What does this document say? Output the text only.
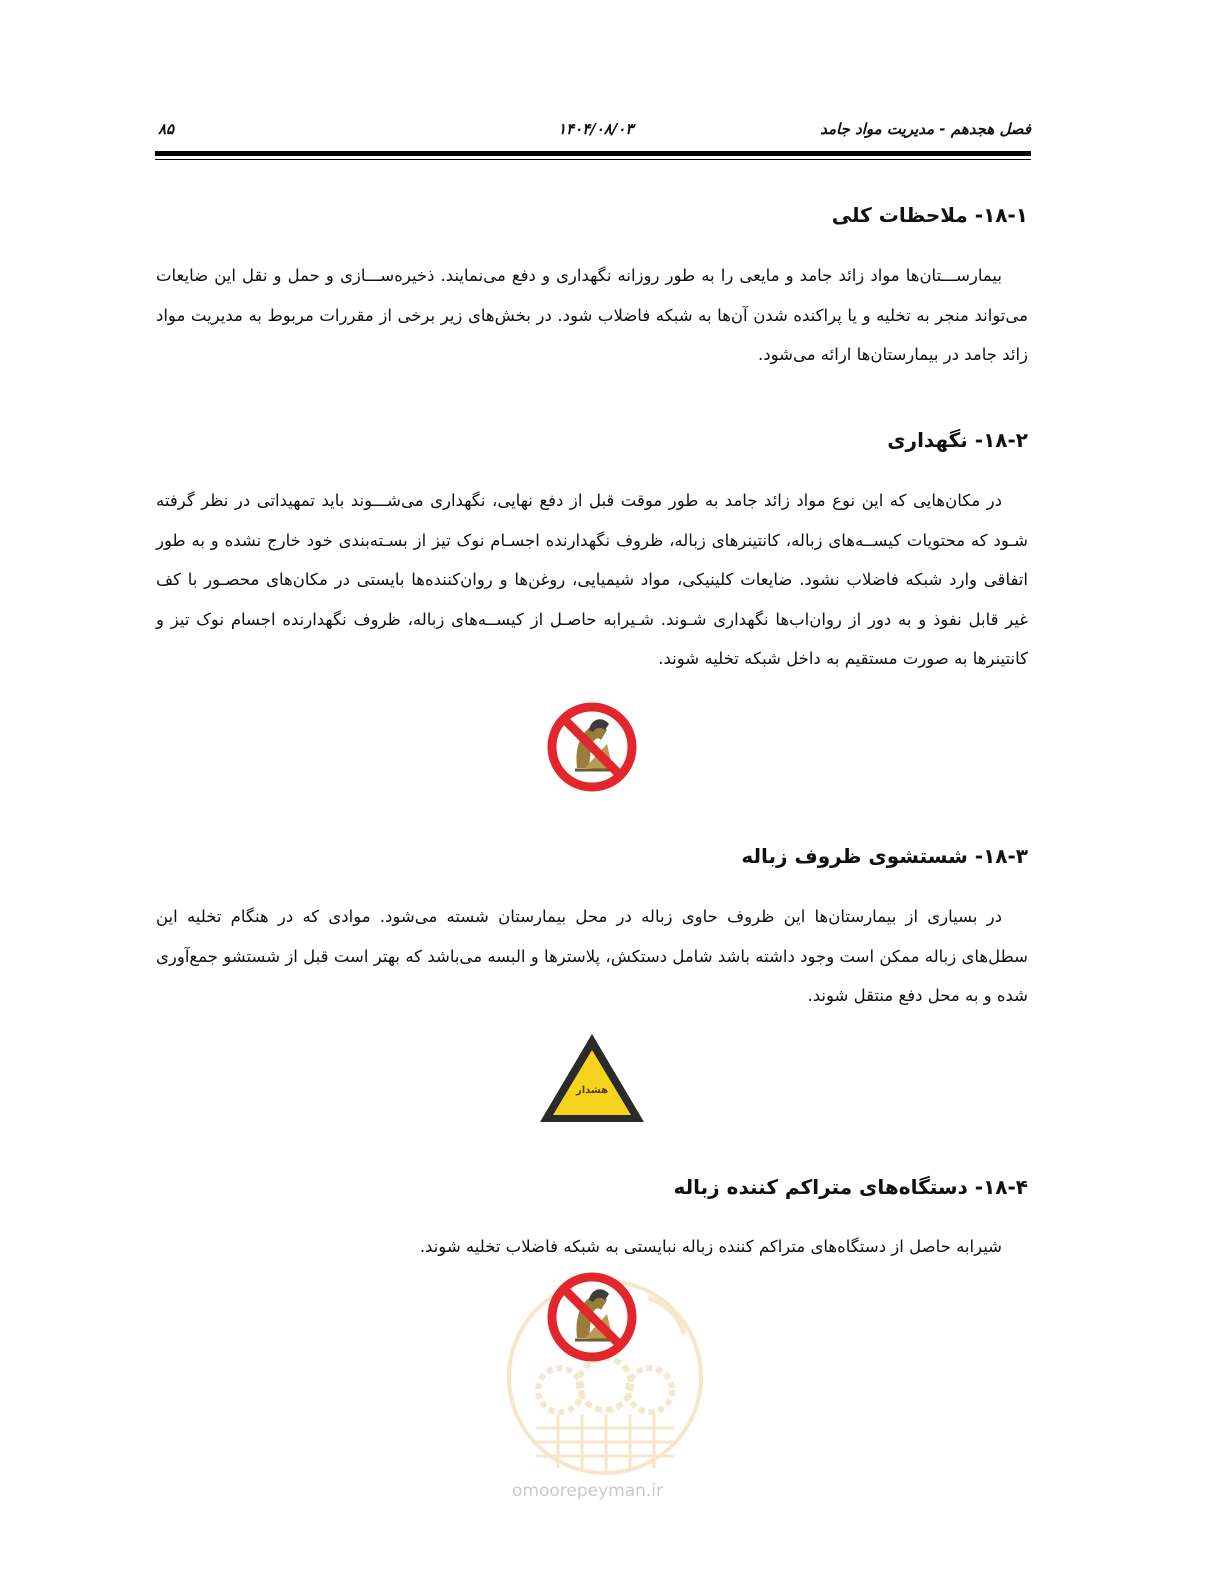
فصل هجدهم - مدیریت مواد جامد
۱۴۰۴/۰۸/۰۳
۸۵
۱۸-۱- ملاحظات کلی
بیمارســـتان‌ها مواد زائد جامد و مایعی را به طور روزانه نگهداری و دفع می‌نمایند. ذخیره‌ســـازی و حمل و نقل این ضایعات می‌تواند منجر به تخلیه و یا پراکنده شدن آن‌ها به شبکه فاضلاب شود. در بخش‌های زیر برخی از مقررات مربوط به مدیریت مواد زائد جامد در بیمارستان‌ها ارائه می‌شود.
۱۸-۲- نگهداری
در مکان‌هایی که این نوع مواد زائد جامد به طور موقت قبل از دفع نهایی، نگهداری می‌شـــوند باید تمهیداتی در نظر گرفته شـود که محتویات کیســه‌های زباله، کانتینرهای زباله، ظروف نگهدارنده اجسـام نوک تیز از بسـته‌بندی خود خارج نشده و به طور اتفاقی وارد شبکه فاضلاب نشود. ضایعات کلینیکی، مواد شیمیایی، روغن‌ها و روان‌کننده‌ها بایستی در مکان‌های محصـور با کف غیر قابل نفوذ و به دور از روان‌اب‌ها نگهداری شـوند. شـیرابه حاصـل از کیســه‌های زباله، ظروف نگهدارنده اجسام نوک تیز و کانتینرها به صورت مستقیم به داخل شبکه تخلیه شوند.
۱۸-۳- شستشوی ظروف زباله
در بسیاری از بیمارستان‌ها این ظروف حاوی زباله در محل بیمارستان شسته می‌شود. موادی که در هنگام تخلیه این سطل‌های زباله ممکن است وجود داشته باشد شامل دستکش، پلاسترها و البسه می‌باشد که بهتر است قبل از شستشو جمع‌آوری شده و به محل دفع منتقل شوند.
هشدار
۱۸-۴- دستگاه‌های متراکم کننده زباله
شیرابه حاصل از دستگاه‌های متراکم کننده زباله نبایستی به شبکه فاضلاب تخلیه شوند.
omoorepeyman.ir
